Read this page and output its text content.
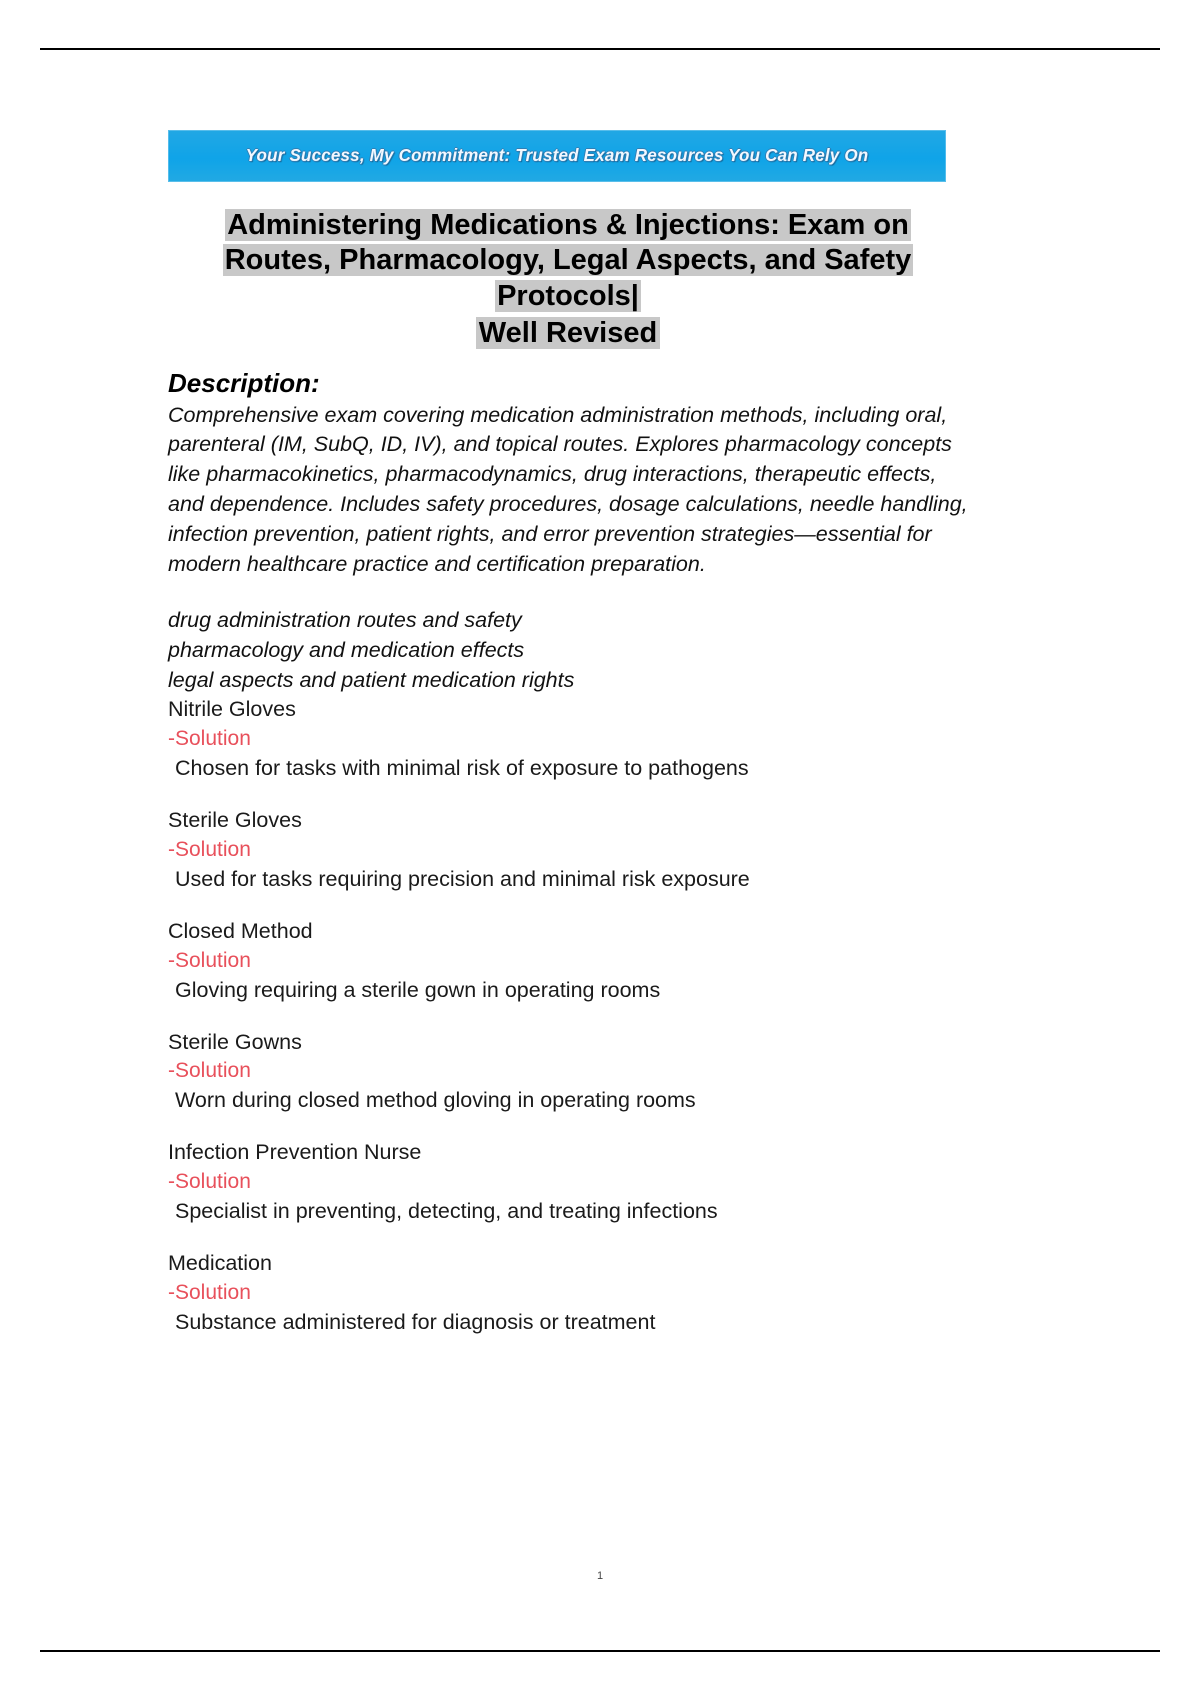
Your Success, My Commitment: Trusted Exam Resources You Can Rely On
Administering Medications & Injections: Exam on
Routes, Pharmacology, Legal Aspects, and Safety
Protocols|
Well Revised
Description:

Comprehensive exam covering medication administration methods, including oral, parenteral (IM, SubQ, ID, IV), and topical routes. Explores pharmacology concepts like pharmacokinetics, pharmacodynamics, drug interactions, therapeutic effects, and dependence. Includes safety procedures, dosage calculations, needle handling, infection prevention, patient rights, and error prevention strategies—essential for modern healthcare practice and certification preparation.

drug administration routes and safety
pharmacology and medication effects
legal aspects and patient medication rights
Nitrile Gloves
-Solution
Chosen for tasks with minimal risk of exposure to pathogens
Sterile Gloves
-Solution
Used for tasks requiring precision and minimal risk exposure
Closed Method
-Solution
Gloving requiring a sterile gown in operating rooms
Sterile Gowns
-Solution
Worn during closed method gloving in operating rooms
Infection Prevention Nurse
-Solution
Specialist in preventing, detecting, and treating infections
Medication
-Solution
Substance administered for diagnosis or treatment
1
